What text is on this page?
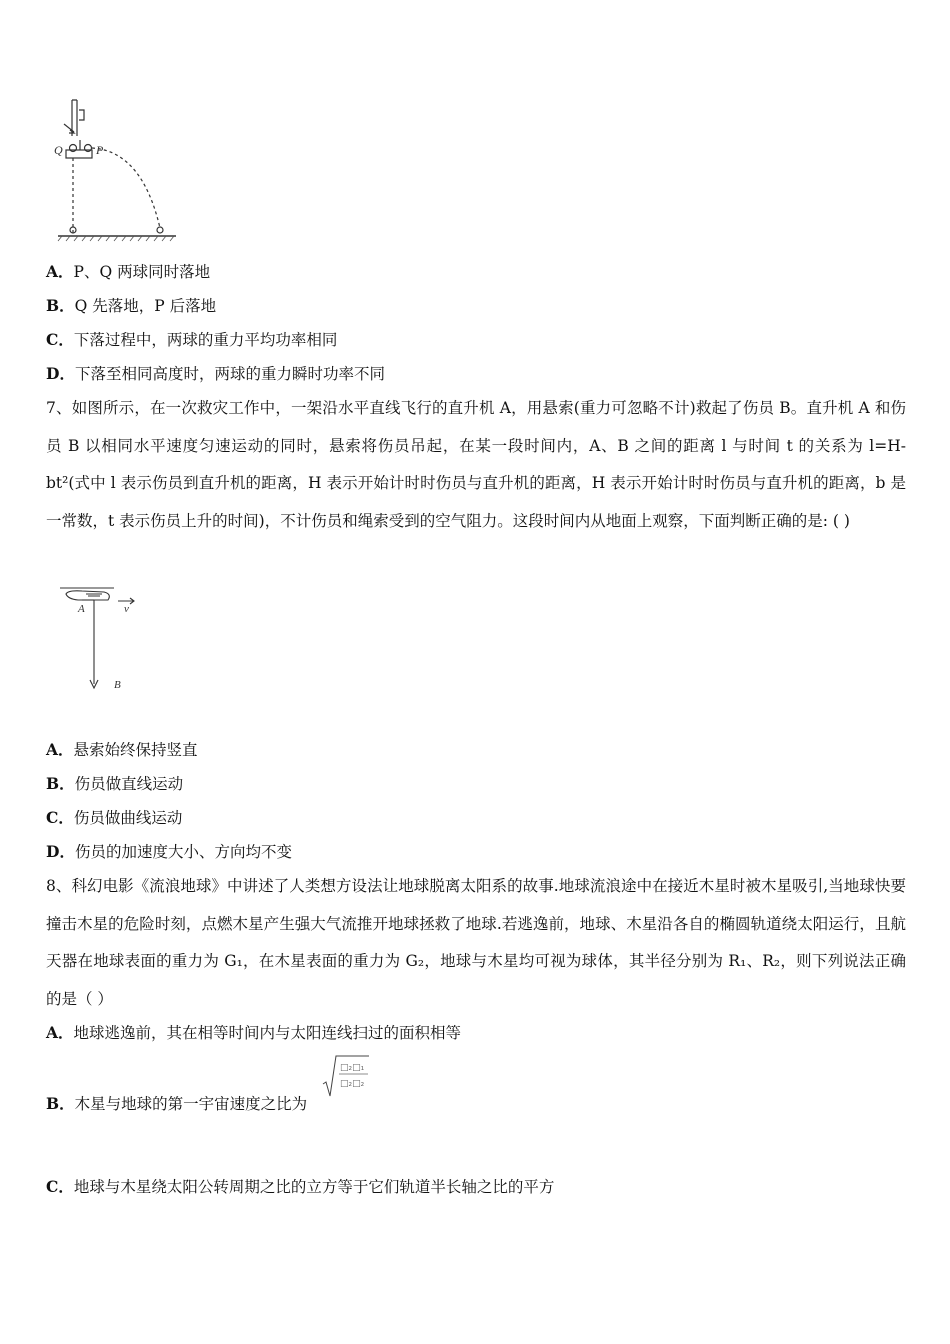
Q	P
A．P、Q 两球同时落地
B．Q 先落地，P 后落地
C．下落过程中，两球的重力平均功率相同
D．下落至相同高度时，两球的重力瞬时功率不同
7、如图所示，在一次救灾工作中，一架沿水平直线飞行的直升机 A，用悬索(重力可忽略不计)救起了伤员 B。直升机 A 和伤员 B 以相同水平速度匀速运动的同时，悬索将伤员吊起，在某一段时间内，A、B 之间的距离 l 与时间 t 的关系为 l=H-bt²(式中 l 表示伤员到直升机的距离，H 表示开始计时时伤员与直升机的距离，H 表示开始计时时伤员与直升机的距离，b 是一常数，t 表示伤员上升的时间)，不计伤员和绳索受到的空气阻力。这段时间内从地面上观察，下面判断正确的是: ( )
A	v
B
A．悬索始终保持竖直
B．伤员做直线运动
C．伤员做曲线运动
D．伤员的加速度大小、方向均不变
8、科幻电影《流浪地球》中讲述了人类想方设法让地球脱离太阳系的故事.地球流浪途中在接近木星时被木星吸引,当地球快要撞击木星的危险时刻，点燃木星产生强大气流推开地球拯救了地球.若逃逸前，地球、木星沿各自的椭圆轨道绕太阳运行，且航天器在地球表面的重力为 G₁，在木星表面的重力为 G₂，地球与木星均可视为球体，其半径分别为 R₁、R₂，则下列说法正确的是（ ）
A．地球逃逸前，其在相等时间内与太阳连线扫过的面积相等
B．木星与地球的第一宇宙速度之比为
□₂□₁
□₂□₂
C．地球与木星绕太阳公转周期之比的立方等于它们轨道半长轴之比的平方
